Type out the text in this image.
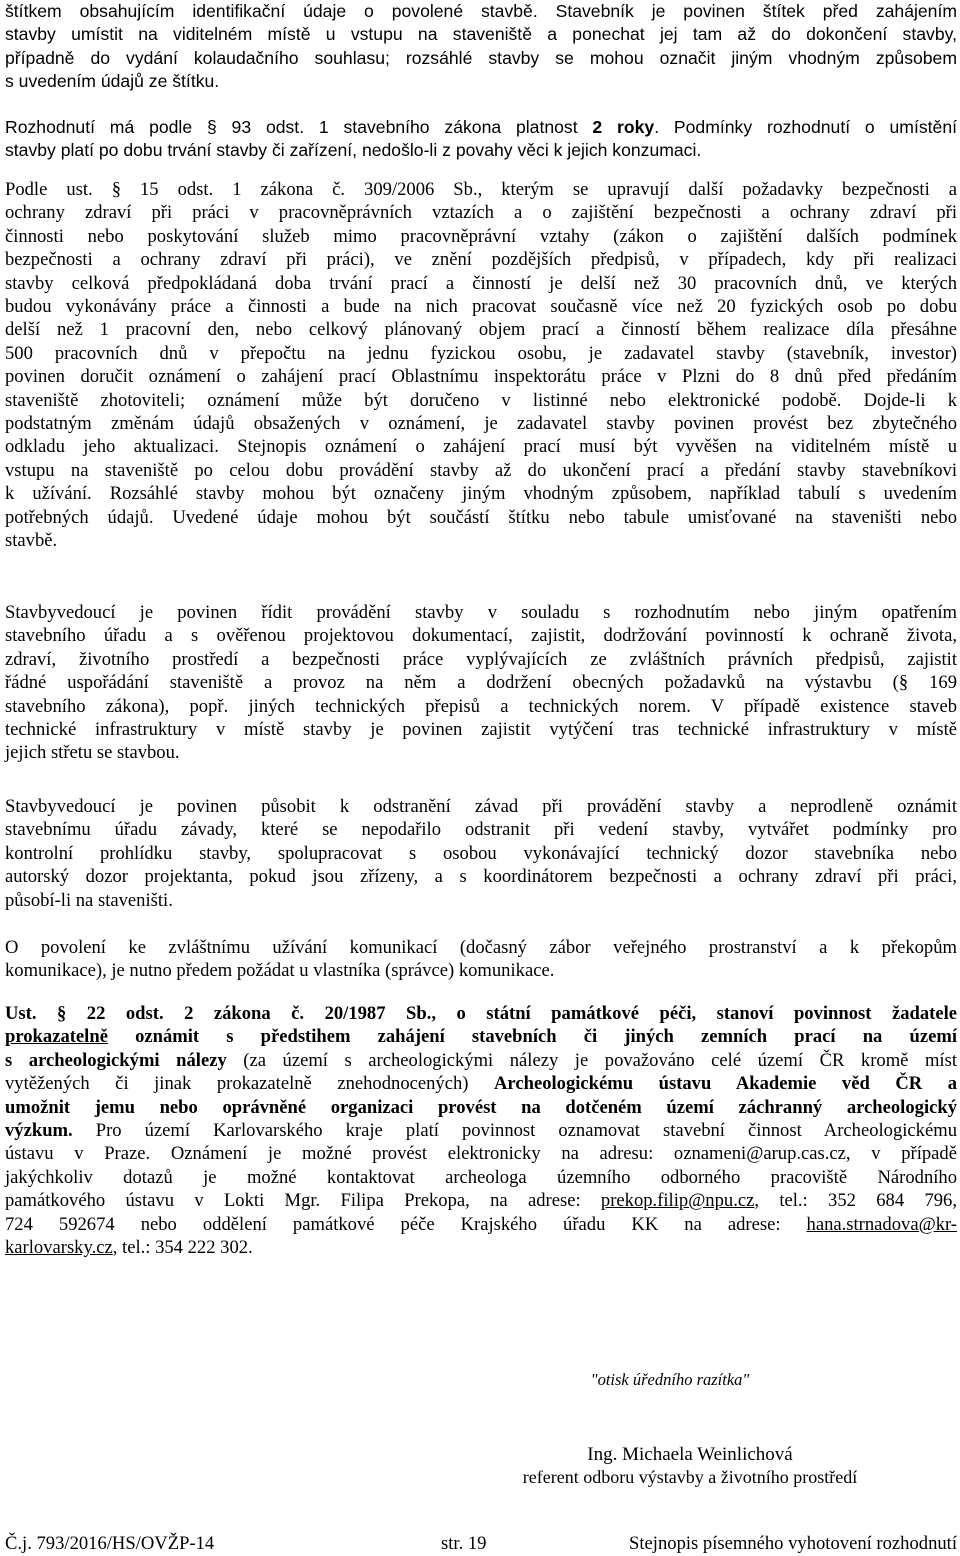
štítkem obsahujícím identifikační údaje o povolené stavbě. Stavebník je povinen štítek před zahájením
stavby umístit na viditelném místě u vstupu na staveniště a ponechat jej tam až do dokončení stavby,
případně do vydání kolaudačního souhlasu; rozsáhlé stavby se mohou označit jiným vhodným způsobem
s uvedením údajů ze štítku.
Rozhodnutí má podle § 93 odst. 1 stavebního zákona platnost 2 roky. Podmínky rozhodnutí o umístění
stavby platí po dobu trvání stavby či zařízení, nedošlo-li z povahy věci k jejich konzumaci.
Podle ust. § 15 odst. 1 zákona č. 309/2006 Sb., kterým se upravují další požadavky bezpečnosti a
ochrany zdraví při práci v pracovněprávních vztazích a o zajištění bezpečnosti a ochrany zdraví při
činnosti nebo poskytování služeb mimo pracovněprávní vztahy (zákon o zajištění dalších podmínek
bezpečnosti a ochrany zdraví při práci), ve znění pozdějších předpisů, v případech, kdy při realizaci
stavby celková předpokládaná doba trvání prací a činností je delší než 30 pracovních dnů, ve kterých
budou vykonávány práce a činnosti a bude na nich pracovat současně více než 20 fyzických osob po dobu
delší než 1 pracovní den, nebo celkový plánovaný objem prací a činností během realizace díla přesáhne
500 pracovních dnů v přepočtu na jednu fyzickou osobu, je zadavatel stavby (stavebník, investor)
povinen doručit oznámení o zahájení prací Oblastnímu inspektorátu práce v Plzni do 8 dnů před předáním
staveniště zhotoviteli; oznámení může být doručeno v listinné nebo elektronické podobě. Dojde-li k
podstatným změnám údajů obsažených v oznámení, je zadavatel stavby povinen provést bez zbytečného
odkladu jeho aktualizaci. Stejnopis oznámení o zahájení prací musí být vyvěšen na viditelném místě u
vstupu na staveniště po celou dobu provádění stavby až do ukončení prací a předání stavby stavebníkovi
k užívání. Rozsáhlé stavby mohou být označeny jiným vhodným způsobem, například tabulí s uvedením
potřebných údajů. Uvedené údaje mohou být součástí štítku nebo tabule umisťované na staveništi nebo
stavbě.
Stavbyvedoucí je povinen řídit provádění stavby v souladu s rozhodnutím nebo jiným opatřením
stavebního úřadu a s ověřenou projektovou dokumentací, zajistit, dodržování povinností k ochraně života,
zdraví, životního prostředí a bezpečnosti práce vyplývajících ze zvláštních právních předpisů, zajistit
řádné uspořádání staveniště a provoz na něm a dodržení obecných požadavků na výstavbu (§ 169
stavebního zákona), popř. jiných technických přepisů a technických norem. V případě existence staveb
technické infrastruktury v místě stavby je povinen zajistit vytýčení tras technické infrastruktury v místě
jejich střetu se stavbou.
Stavbyvedoucí je povinen působit k odstranění závad při provádění stavby a neprodleně oznámit
stavebnímu úřadu závady, které se nepodařilo odstranit při vedení stavby, vytvářet podmínky pro
kontrolní prohlídku stavby, spolupracovat s osobou vykonávající technický dozor stavebníka nebo
autorský dozor projektanta, pokud jsou zřízeny, a s koordinátorem bezpečnosti a ochrany zdraví při práci,
působí-li na staveništi.
O povolení ke zvláštnímu užívání komunikací (dočasný zábor veřejného prostranství a k překopům
komunikace), je nutno předem požádat u vlastníka (správce) komunikace.
Ust. § 22 odst. 2 zákona č. 20/1987 Sb., o státní památkové péči, stanoví povinnost žadatele
prokazatelně oznámit s předstihem zahájení stavebních či jiných zemních prací na území
s archeologickými nálezy (za území s archeologickými nálezy je považováno celé území ČR kromě míst
vytěžených či jinak prokazatelně znehodnocených) Archeologickému ústavu Akademie věd ČR a
umožnit jemu nebo oprávněné organizaci provést na dotčeném území záchranný archeologický
výzkum. Pro území Karlovarského kraje platí povinnost oznamovat stavební činnost Archeologickému
ústavu v Praze. Oznámení je možné provést elektronicky na adresu: oznameni@arup.cas.cz, v případě
jakýchkoliv dotazů je možné kontaktovat archeologa územního odborného pracoviště Národního
památkového ústavu v Lokti Mgr. Filipa Prekopa, na adrese: prekop.filip@npu.cz, tel.: 352 684 796,
724 592674 nebo oddělení památkové péče Krajského úřadu KK na adrese: hana.strnadova@kr-
karlovarsky.cz, tel.: 354 222 302.
"otisk úředního razítka"
Ing. Michaela Weinlichová
referent odboru výstavby a životního prostředí
Č.j. 793/2016/HS/OVŽP-14	str. 19	Stejnopis písemného vyhotovení rozhodnutí
